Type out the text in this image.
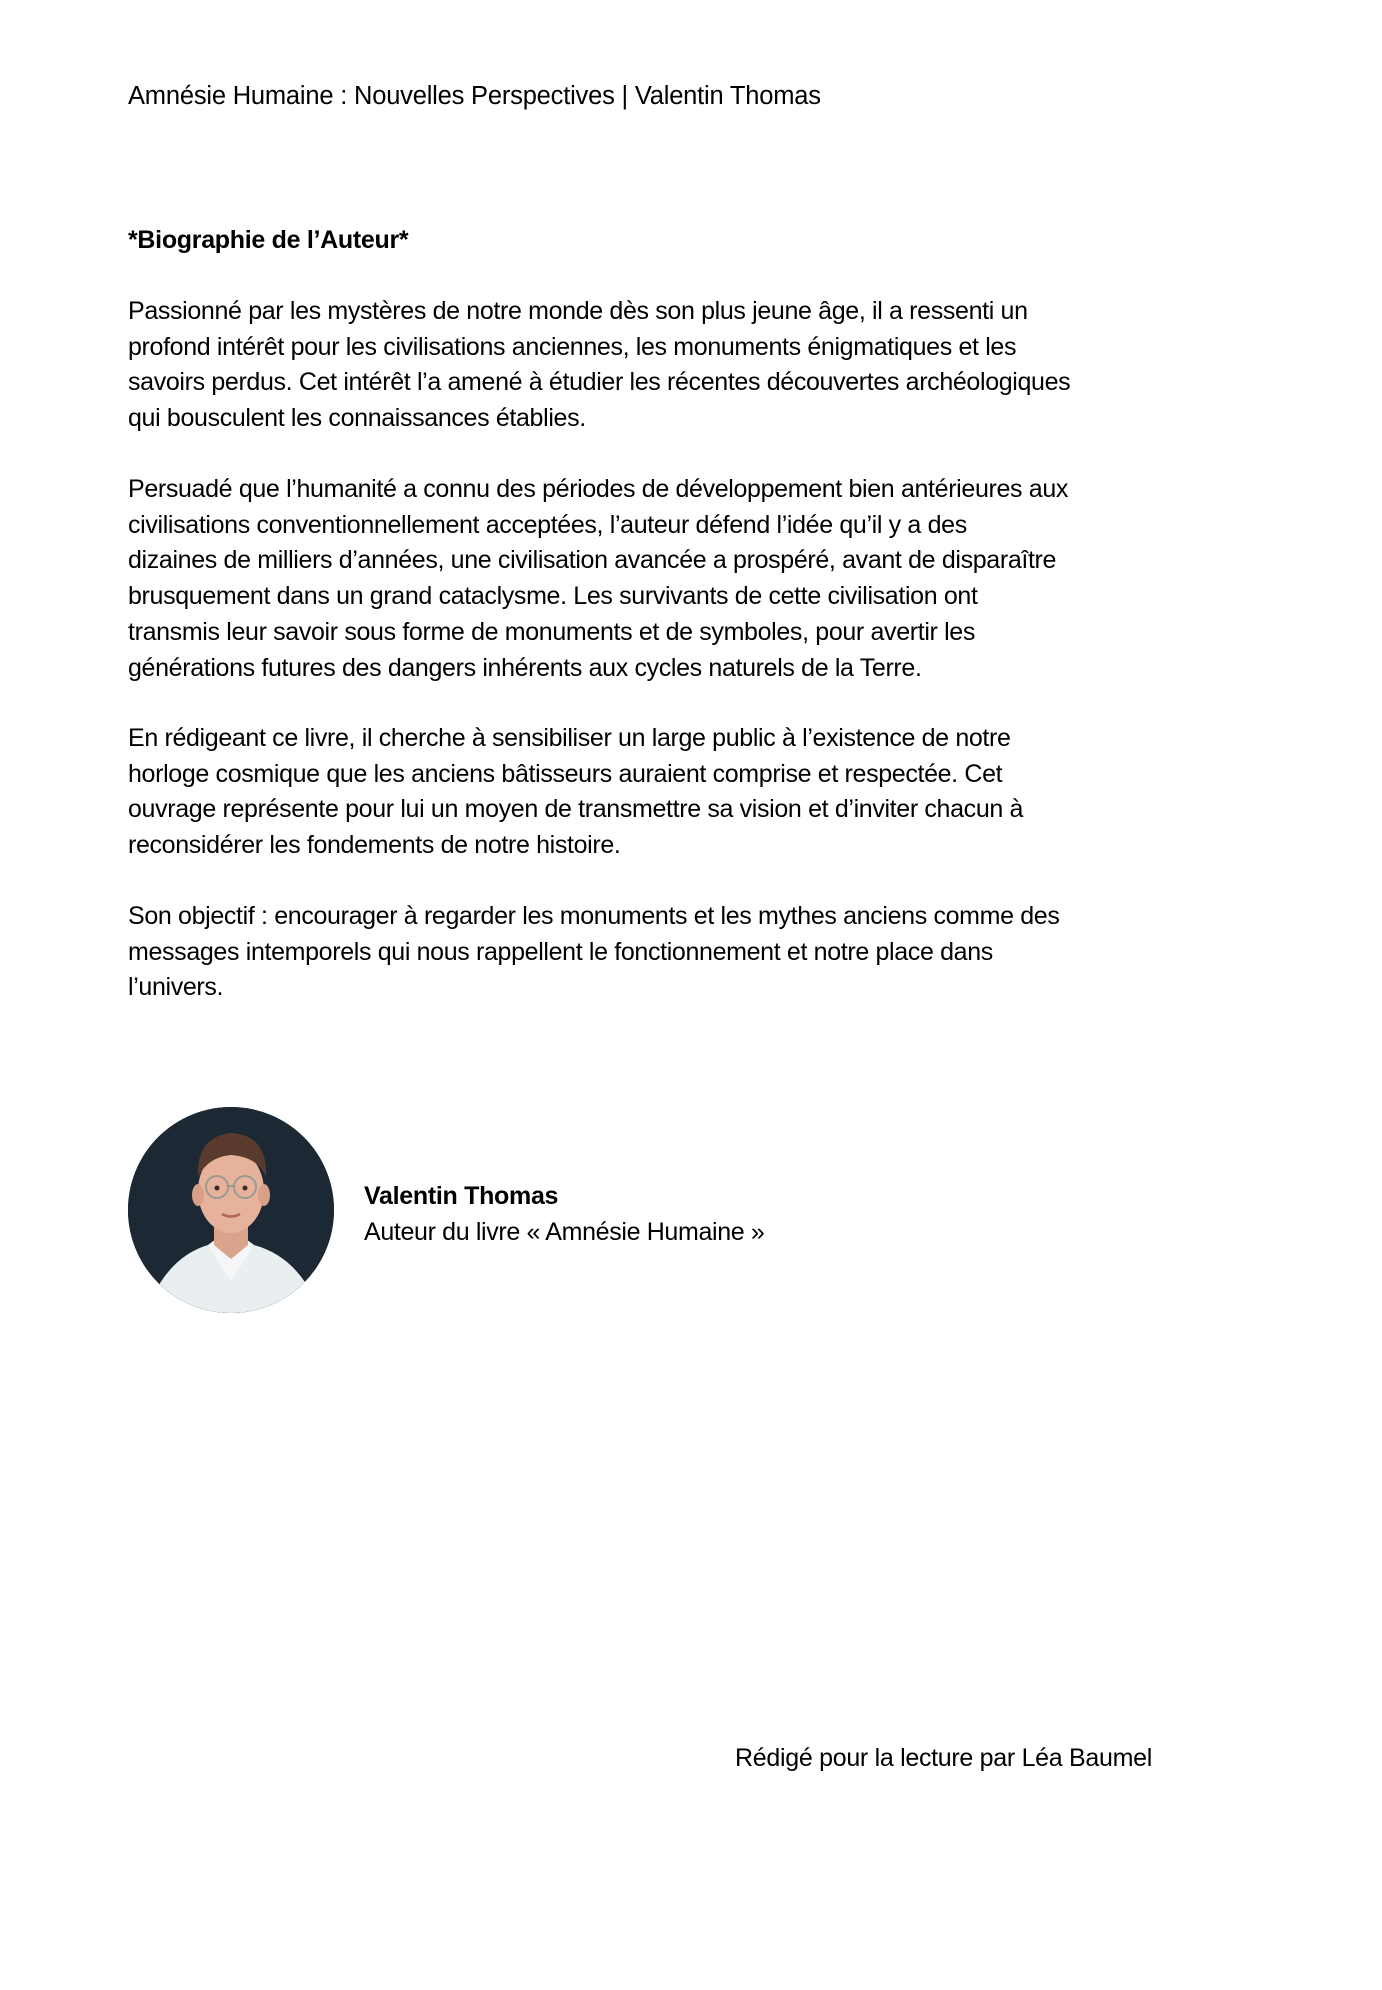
Amnésie Humaine : Nouvelles Perspectives | Valentin Thomas
*Biographie de l’Auteur*
Passionné par les mystères de notre monde dès son plus jeune âge, il a ressenti un
profond intérêt pour les civilisations anciennes, les monuments énigmatiques et les
savoirs perdus. Cet intérêt l’a amené à étudier les récentes découvertes archéologiques
qui bousculent les connaissances établies.
Persuadé que l’humanité a connu des périodes de développement bien antérieures aux
civilisations conventionnellement acceptées, l’auteur défend l’idée qu’il y a des
dizaines de milliers d’années, une civilisation avancée a prospéré, avant de disparaître
brusquement dans un grand cataclysme. Les survivants de cette civilisation ont
transmis leur savoir sous forme de monuments et de symboles, pour avertir les
générations futures des dangers inhérents aux cycles naturels de la Terre.
En rédigeant ce livre, il cherche à sensibiliser un large public à l’existence de notre
horloge cosmique que les anciens bâtisseurs auraient comprise et respectée. Cet
ouvrage représente pour lui un moyen de transmettre sa vision et d’inviter chacun à
reconsidérer les fondements de notre histoire.
Son objectif : encourager à regarder les monuments et les mythes anciens comme des
messages intemporels qui nous rappellent le fonctionnement et notre place dans
l’univers.
Valentin Thomas
Auteur du livre « Amnésie Humaine »
Rédigé pour la lecture par Léa Baumel
